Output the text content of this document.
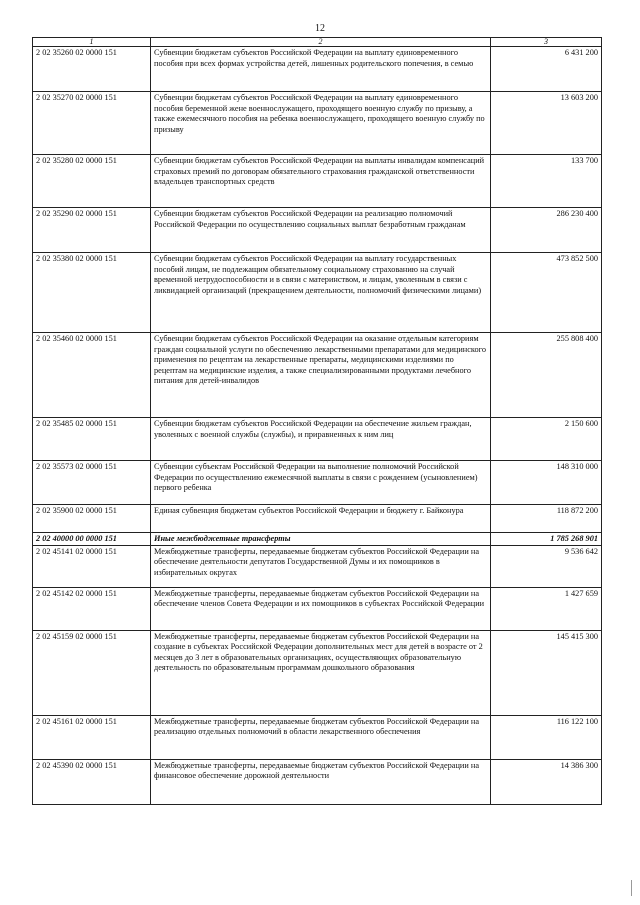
12
1	2	3
2 02 35260 02 0000 151	Субвенции бюджетам субъектов Российской Федерации на выплату единовременного пособия при всех формах устройства детей, лишенных родительского попечения, в семью	6 431 200
2 02 35270 02 0000 151	Субвенции бюджетам субъектов Российской Федерации на выплату единовременного пособия беременной жене военнослужащего, проходящего военную службу по призыву, а также ежемесячного пособия на ребенка военнослужащего, проходящего военную службу по призыву	13 603 200
2 02 35280 02 0000 151	Субвенции бюджетам субъектов Российской Федерации на выплаты инвалидам компенсаций страховых премий по договорам обязательного страхования гражданской ответственности владельцев транспортных средств	133 700
2 02 35290 02 0000 151	Субвенции бюджетам субъектов Российской Федерации на реализацию полномочий Российской Федерации по осуществлению социальных выплат безработным гражданам	286 230 400
2 02 35380 02 0000 151	Субвенции бюджетам субъектов Российской Федерации на выплату государственных пособий лицам, не подлежащим обязательному социальному страхованию на случай временной нетрудоспособности и в связи с материнством, и лицам, уволенным в связи с ликвидацией организаций (прекращением деятельности, полномочий физическими лицами)	473 852 500
2 02 35460 02 0000 151	Субвенции бюджетам субъектов Российской Федерации на оказание отдельным категориям граждан социальной услуги по обеспечению лекарственными препаратами для медицинского применения по рецептам на лекарственные препараты, медицинскими изделиями по рецептам на медицинские изделия, а также специализированными продуктами лечебного питания для детей-инвалидов	255 808 400
2 02 35485 02 0000 151	Субвенции бюджетам субъектов Российской Федерации на обеспечение жильем граждан, уволенных с военной службы (службы), и приравненных к ним лиц	2 150 600
2 02 35573 02 0000 151	Субвенции субъектам Российской Федерации на выполнение полномочий Российской Федерации по осуществлению ежемесячной выплаты в связи с рождением (усыновлением) первого ребенка	148 310 000
2 02 35900 02 0000 151	Единая субвенция бюджетам субъектов Российской Федерации и бюджету г. Байконура	118 872 200
2 02 40000 00 0000 151	Иные межбюджетные трансферты	1 785 268 901
2 02 45141 02 0000 151	Межбюджетные трансферты, передаваемые бюджетам субъектов Российской Федерации на обеспечение деятельности депутатов Государственной Думы и их помощников в избирательных округах	9 536 642
2 02 45142 02 0000 151	Межбюджетные трансферты, передаваемые бюджетам субъектов Российской Федерации на обеспечение членов Совета Федерации и их помощников в субъектах Российской Федерации	1 427 659
2 02 45159 02 0000 151	Межбюджетные трансферты, передаваемые бюджетам субъектов Российской Федерации на создание в субъектах Российской Федерации дополнительных мест для детей в возрасте от 2 месяцев до 3 лет в образовательных организациях, осуществляющих образовательную деятельность по образовательным программам дошкольного образования	145 415 300
2 02 45161 02 0000 151	Межбюджетные трансферты, передаваемые бюджетам субъектов Российской Федерации на реализацию отдельных полномочий в области лекарственного обеспечения	116 122 100
2 02 45390 02 0000 151	Межбюджетные трансферты, передаваемые бюджетам субъектов Российской Федерации на финансовое обеспечение дорожной деятельности	14 386 300
